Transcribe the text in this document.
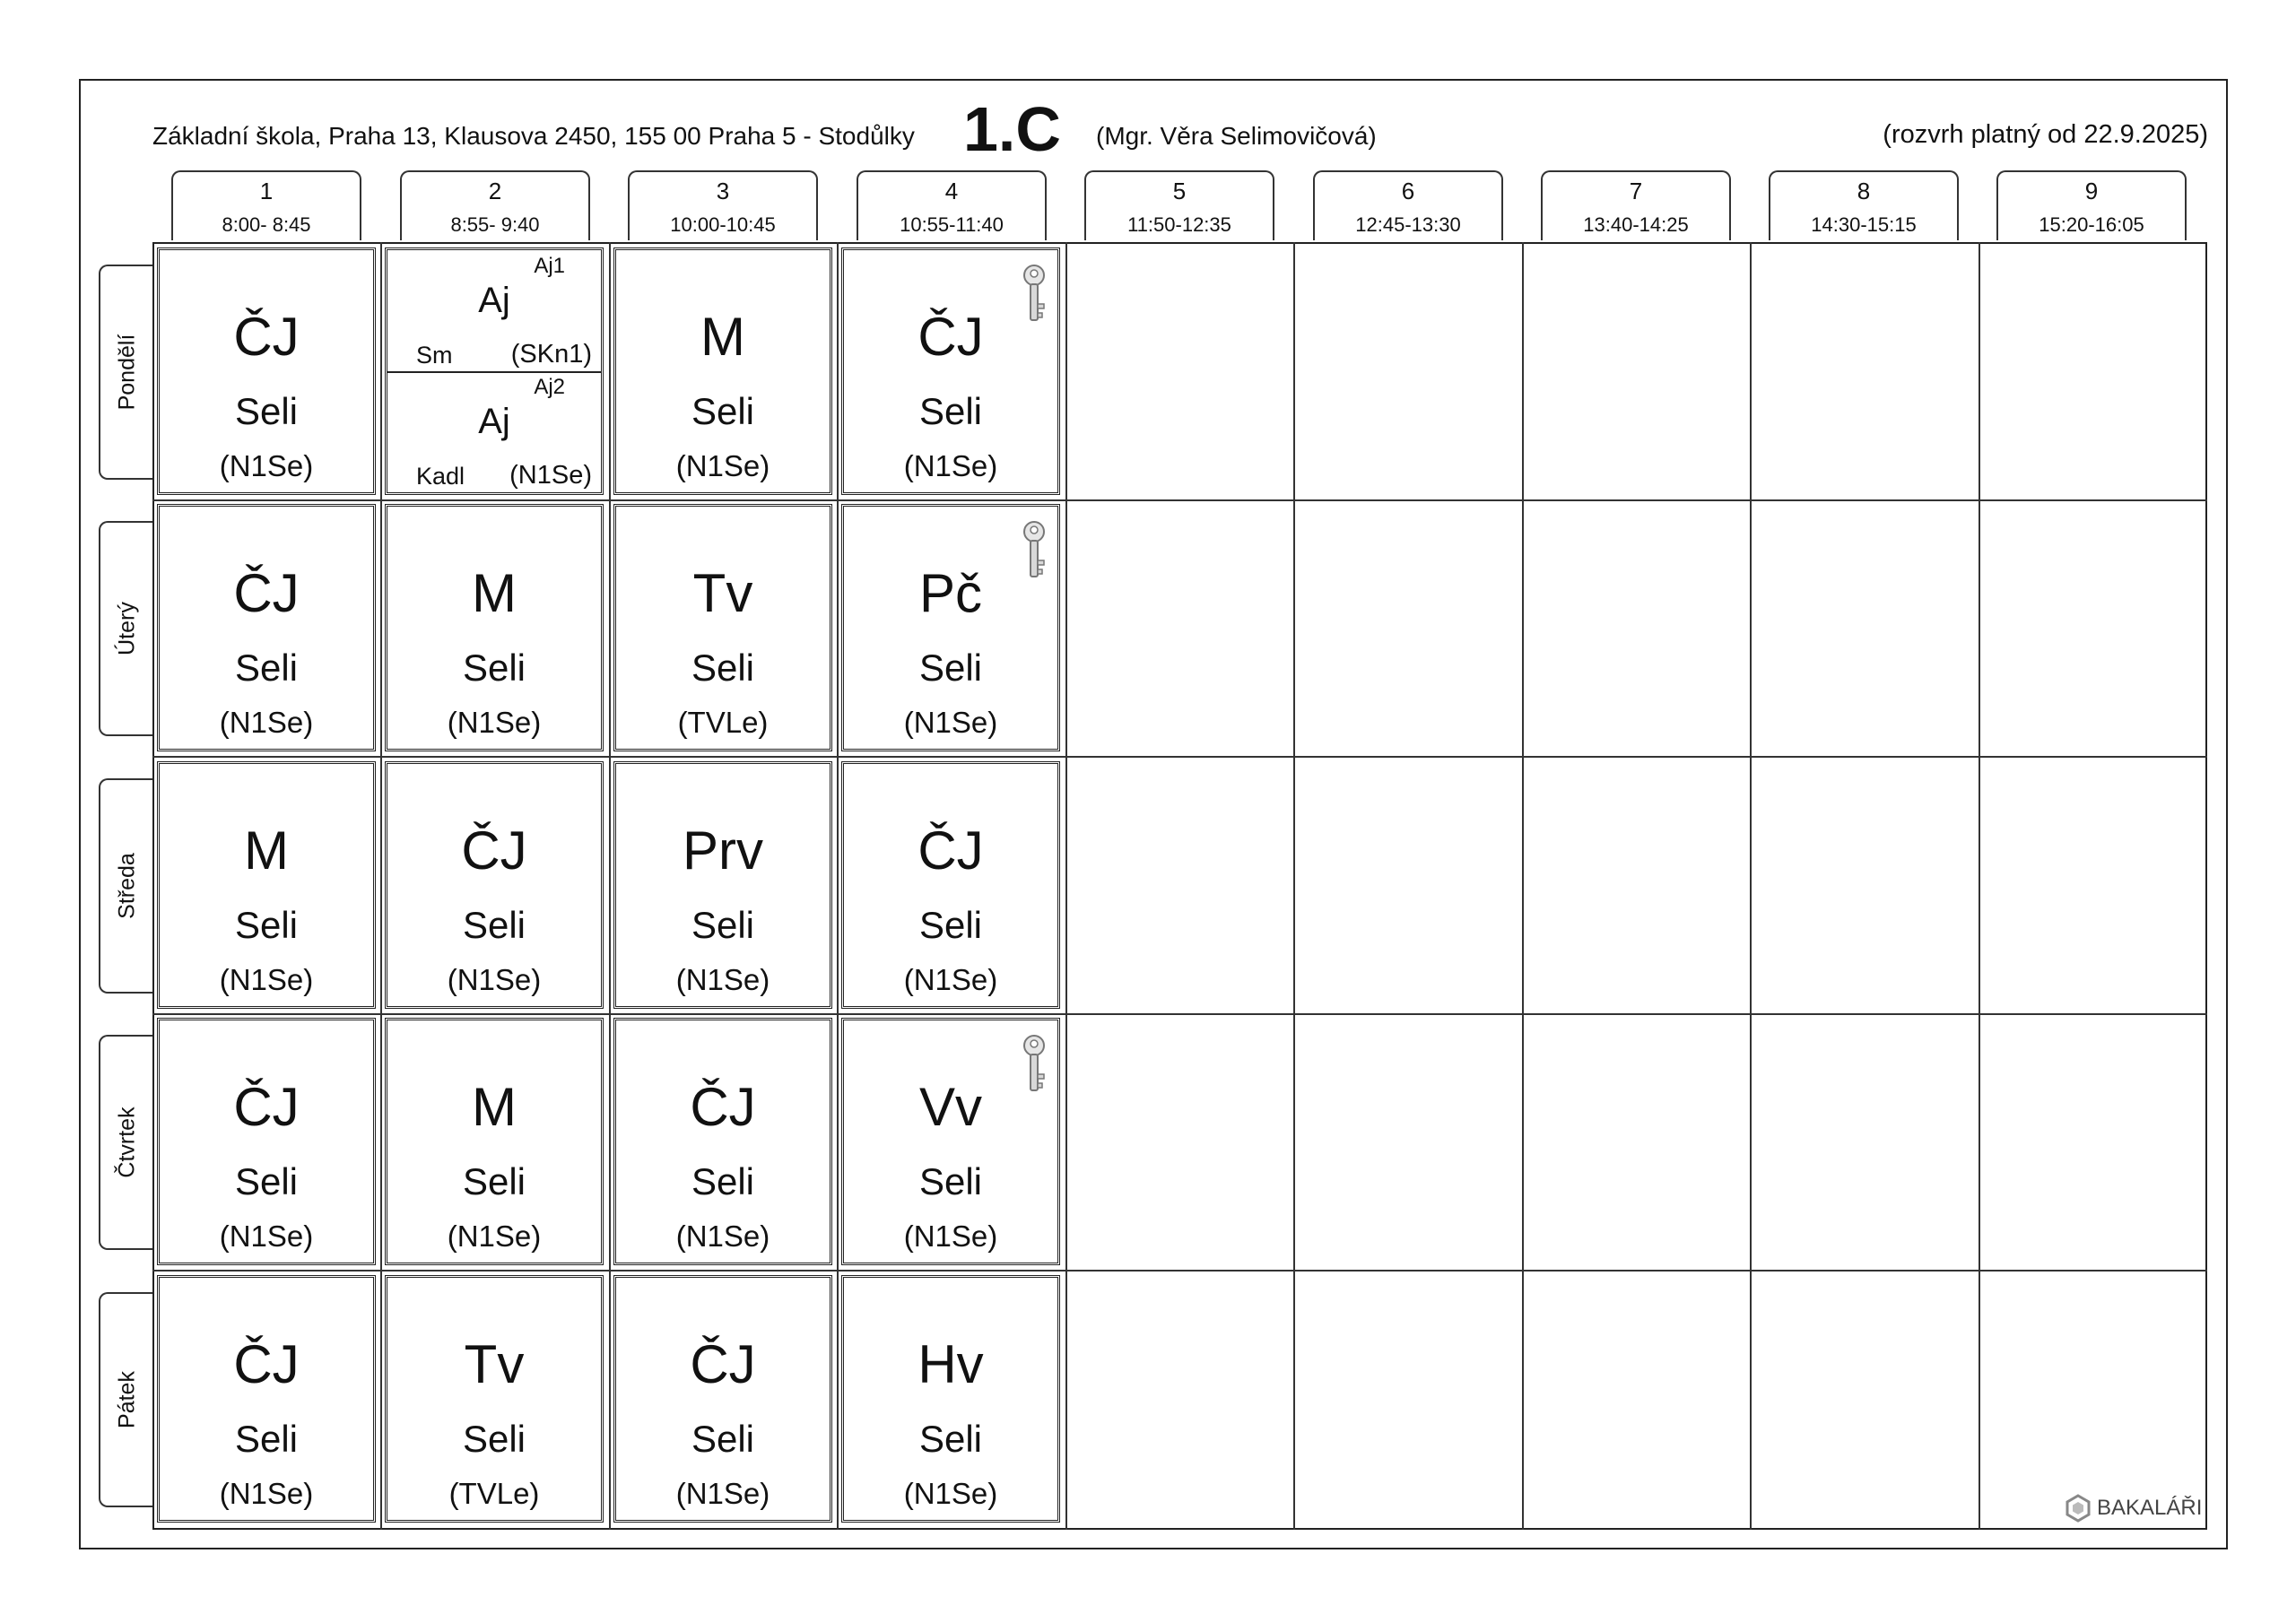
Základní škola, Praha 13, Klausova 2450, 155 00 Praha 5 - Stodůlky 1.C (Mgr. Věra Selimovičová)	(rozvrh platný od 22.9.2025)
1
8:00- 8:45
2
8:55- 9:40
3
10:00-10:45
4
10:55-11:40
5
11:50-12:35
6
12:45-13:30
7
13:40-14:25
8
14:30-15:15
9
15:20-16:05
Pondělí
Úterý
Středa
Čtvrtek
Pátek
ČJ
Seli
(N1Se)
Aj1
Aj
Sm (SKn1)
Aj2
Aj
Kadl (N1Se)
M
Seli
(N1Se)
ČJ
Seli
(N1Se)
ČJ
Seli
(N1Se)
M
Seli
(N1Se)
Tv
Seli
(TVLe)
Pč
Seli
(N1Se)
M
Seli
(N1Se)
ČJ
Seli
(N1Se)
Prv
Seli
(N1Se)
ČJ
Seli
(N1Se)
ČJ
Seli
(N1Se)
M
Seli
(N1Se)
ČJ
Seli
(N1Se)
Vv
Seli
(N1Se)
ČJ
Seli
(N1Se)
Tv
Seli
(TVLe)
ČJ
Seli
(N1Se)
Hv
Seli
(N1Se)	BAKALÁŘI
